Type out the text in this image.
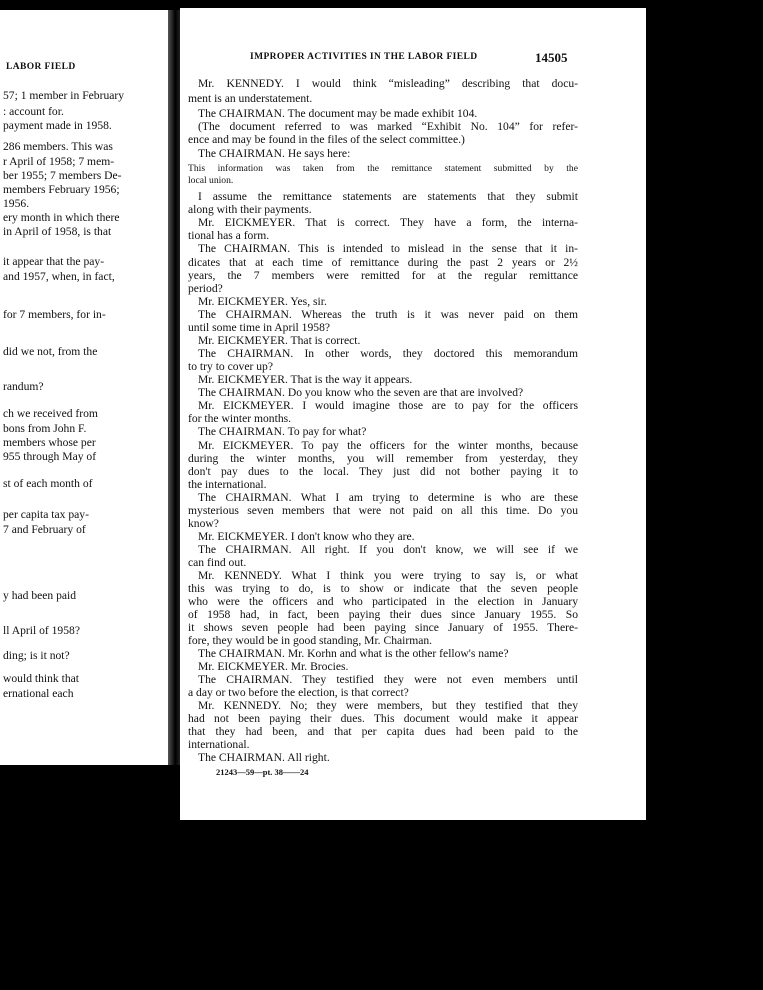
LABOR FIELD
57; 1 member in February
: account for.
payment made in 1958.
286 members. This was
r April of 1958; 7 mem-
ber 1955; 7 members De-
members February 1956;
1956.
ery month in which there
in April of 1958, is that
it appear that the pay-
and 1957, when, in fact,
for 7 members, for in-
did we not, from the
randum?
ch we received from
bons from John F.
members whose per
955 through May of
st of each month of
per capita tax pay-
7 and February of
y had been paid
ll April of 1958?
ding; is it not?
would think that
ernational each
IMPROPER ACTIVITIES IN THE LABOR FIELD	14505
Mr. KENNEDY. I would think “misleading” describing that docu-
ment is an understatement.
The CHAIRMAN. The document may be made exhibit 104.
(The document referred to was marked “Exhibit No. 104” for refer-
ence and may be found in the files of the select committee.)
The CHAIRMAN. He says here:
This information was taken from the remittance statement submitted by the
local union.
I assume the remittance statements are statements that they submit
along with their payments.
Mr. EICKMEYER. That is correct. They have a form, the interna-
tional has a form.
The CHAIRMAN. This is intended to mislead in the sense that it in-
dicates that at each time of remittance during the past 2 years or 2½
years, the 7 members were remitted for at the regular remittance
period?
Mr. EICKMEYER. Yes, sir.
The CHAIRMAN. Whereas the truth is it was never paid on them
until some time in April 1958?
Mr. EICKMEYER. That is correct.
The CHAIRMAN. In other words, they doctored this memorandum
to try to cover up?
Mr. EICKMEYER. That is the way it appears.
The CHAIRMAN. Do you know who the seven are that are involved?
Mr. EICKMEYER. I would imagine those are to pay for the officers
for the winter months.
The CHAIRMAN. To pay for what?
Mr. EICKMEYER. To pay the officers for the winter months, because
during the winter months, you will remember from yesterday, they
don't pay dues to the local. They just did not bother paying it to
the international.
The CHAIRMAN. What I am trying to determine is who are these
mysterious seven members that were not paid on all this time. Do you
know?
Mr. EICKMEYER. I don't know who they are.
The CHAIRMAN. All right. If you don't know, we will see if we
can find out.
Mr. KENNEDY. What I think you were trying to say is, or what
this was trying to do, is to show or indicate that the seven people
who were the officers and who participated in the election in January
of 1958 had, in fact, been paying their dues since January 1955. So
it shows seven people had been paying since January of 1955. There-
fore, they would be in good standing, Mr. Chairman.
The CHAIRMAN. Mr. Korhn and what is the other fellow's name?
Mr. EICKMEYER. Mr. Brocies.
The CHAIRMAN. They testified they were not even members until
a day or two before the election, is that correct?
Mr. KENNEDY. No; they were members, but they testified that they
had not been paying their dues. This document would make it appear
that they had been, and that per capita dues had been paid to the
international.
The CHAIRMAN. All right.
21243—59—pt. 38——24
